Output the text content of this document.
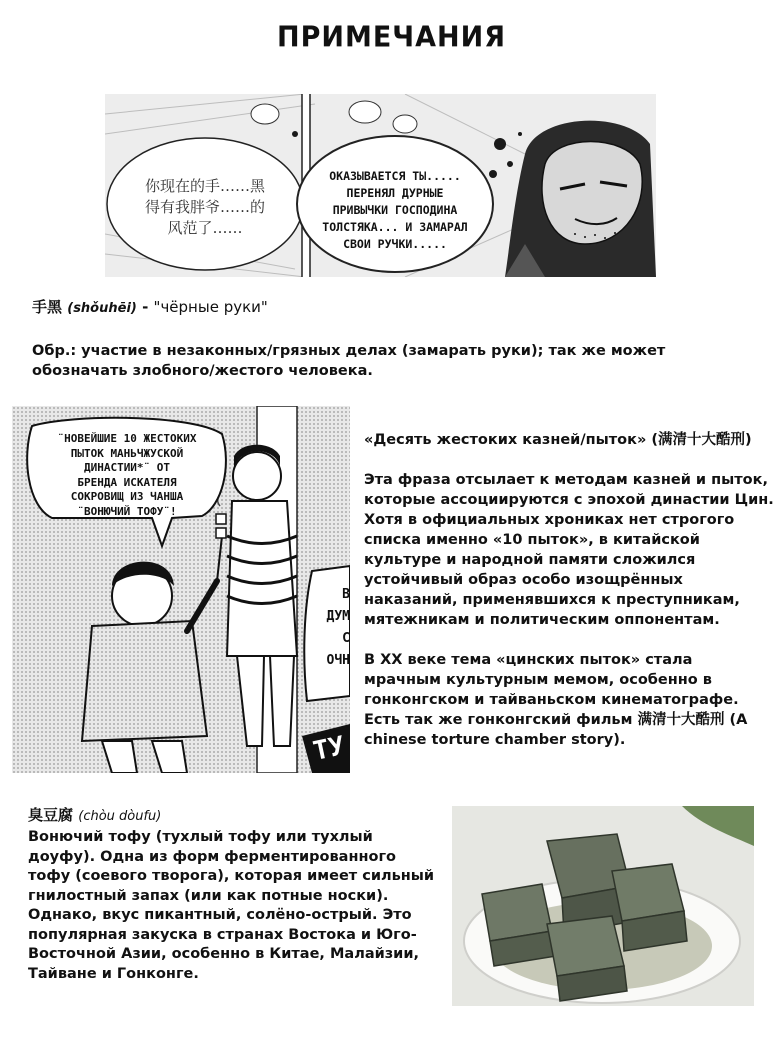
ПРИМЕЧАНИЯ
你现在的手……黑
得有我胖爷……的
风范了……
ОКАЗЫВАЕТСЯ ТЫ.....
ПЕРЕНЯЛ ДУРНЫЕ
ПРИВЫЧКИ ГОСПОДИНА
ТОЛСТЯКА... И ЗАМАРАЛ
СВОИ РУЧКИ.....
手黑 (shǒuhēi) - "чёрные руки"

Обр.: участие в незаконных/грязных делах (замарать руки); так же может обозначать злобного/жестого человека.

¨НОВЕЙШИЕ 10 ЖЕСТОКИХ
ПЫТОК МАНЬЧЖУСКОЙ
ДИНАСТИИ*¨ ОТ
БРЕНДА ИСКАТЕЛЯ
СОКРОВИЩ ИЗ ЧАНША
¨ВОНЮЧИЙ ТОФУ¨!
В
ДУМ
С
ОЧН
ТУ

«Десять жестоких казней/пыток» (满清十大酷刑)

Эта фраза отсылает к методам казней и пыток, которые ассоциируются с эпохой династии Цин. Хотя в официальных хрониках нет строгого списка именно «10 пыток», в китайской культуре и народной памяти сложился устойчивый образ особо изощрённых наказаний, применявшихся к преступникам, мятежникам и политическим оппонентам.

В XX веке тема «цинских пыток» стала мрачным культурным мемом, особенно в гонконгском и тайваньском кинематографе. Есть так же гонконгский фильм 满清十大酷刑 (A chinese torture chamber story).

臭豆腐 (chòu dòufu)

Вонючий тофу (тухлый тофу или тухлый доуфу). Одна из форм ферментированного тофу (соевого творога), которая имеет сильный гнилостный запах (или как потные носки). Однако, вкус пикантный, солёно-острый. Это популярная закуска в странах Востока и Юго-Восточной Азии, особенно в Китае, Малайзии, Тайване и Гонконге.
